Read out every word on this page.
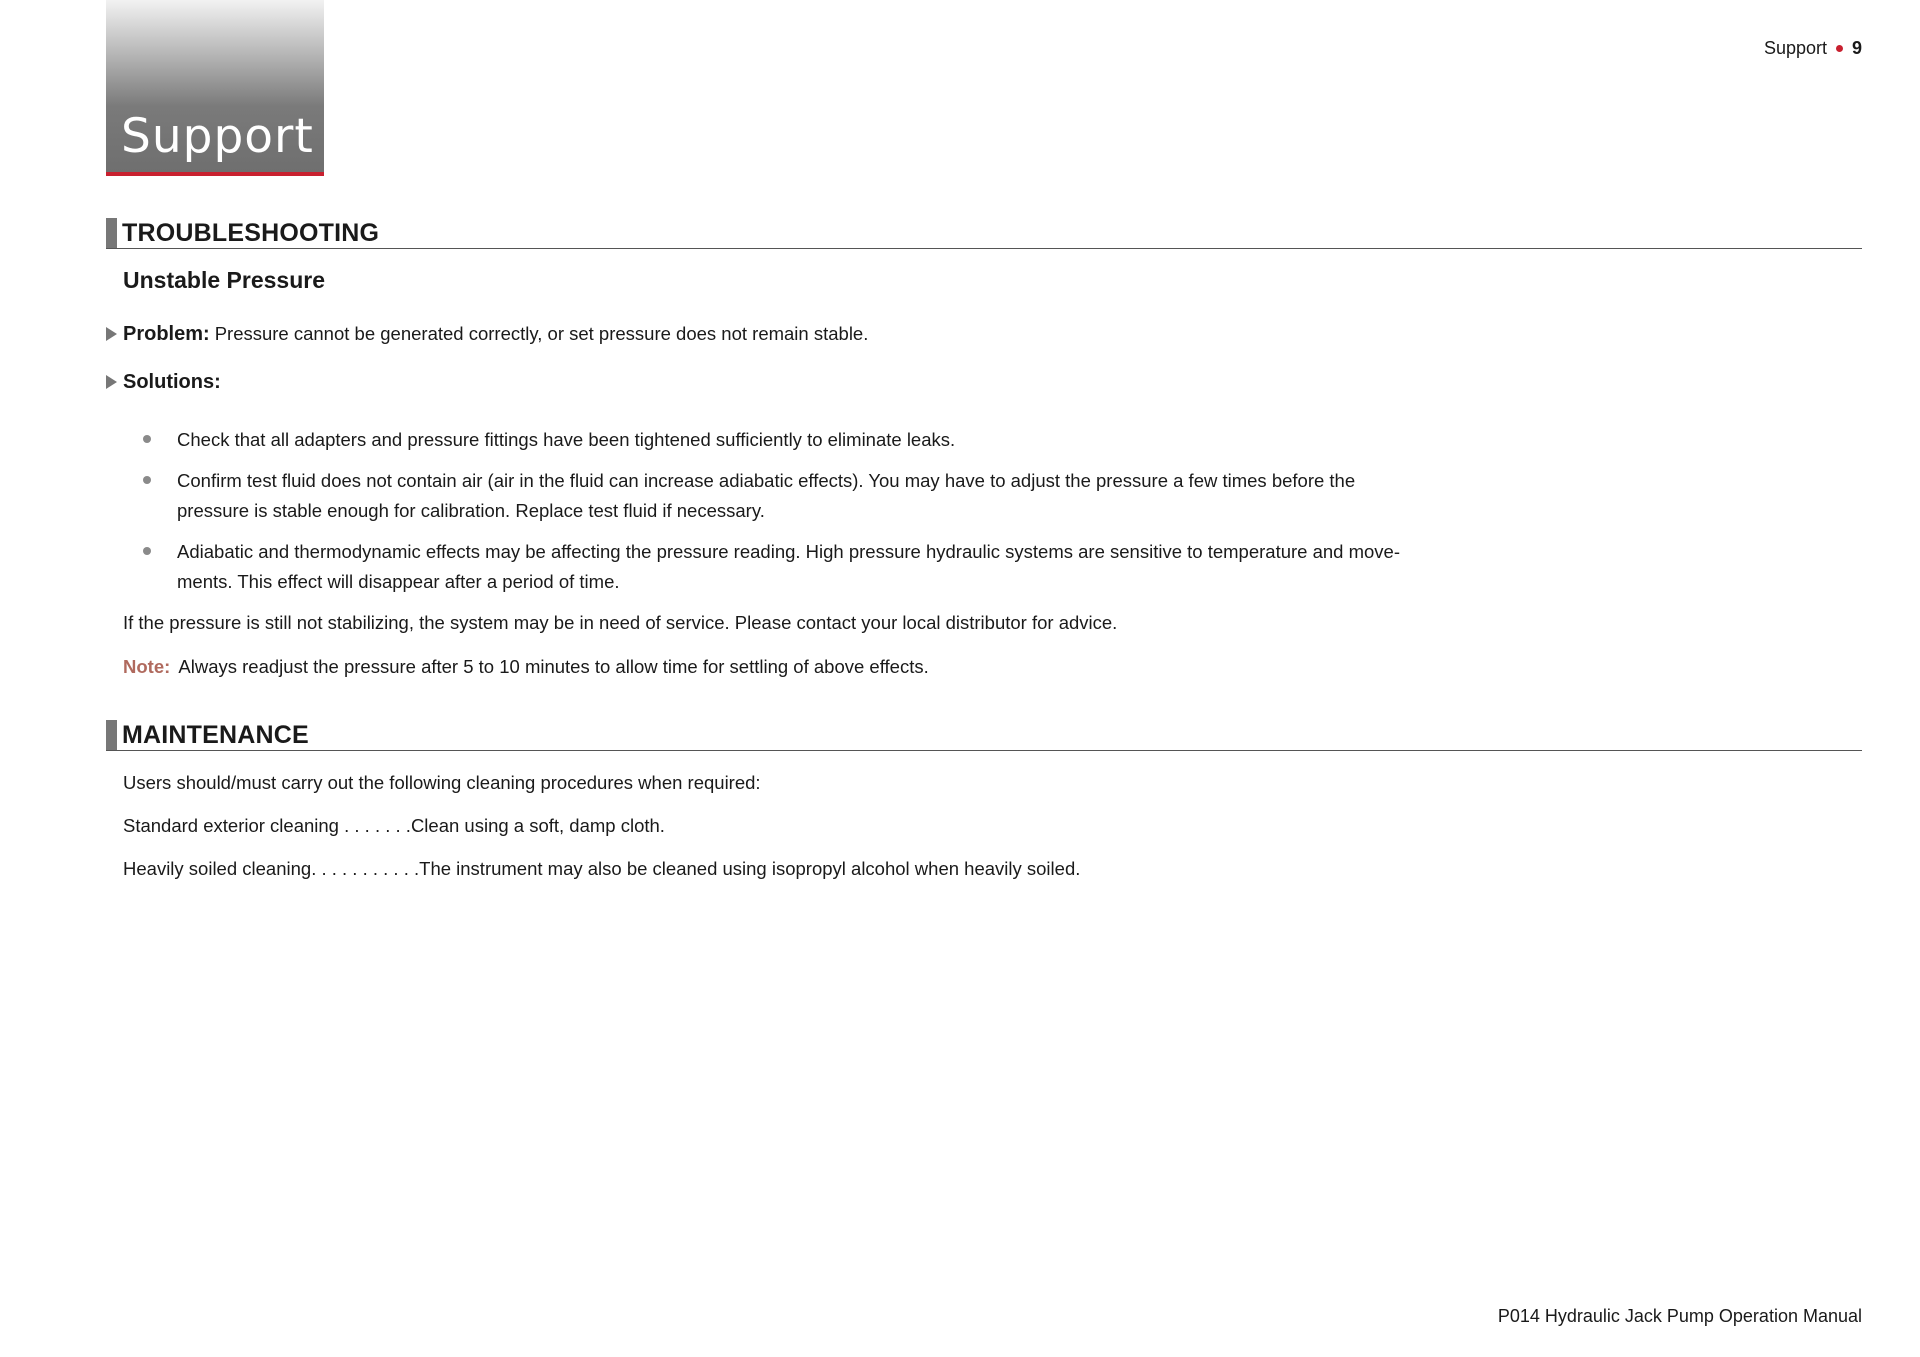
Support
Support 9
TROUBLESHOOTING
Unstable Pressure
Problem: Pressure cannot be generated correctly, or set pressure does not remain stable.
Solutions:
Check that all adapters and pressure fittings have been tightened sufficiently to eliminate leaks.
Confirm test fluid does not contain air (air in the fluid can increase adiabatic effects). You may have to adjust the pressure a few times before the pressure is stable enough for calibration. Replace test fluid if necessary.
Adiabatic and thermodynamic effects may be affecting the pressure reading. High pressure hydraulic systems are sensitive to temperature and move- ments. This effect will disappear after a period of time.
If the pressure is still not stabilizing, the system may be in need of service. Please contact your local distributor for advice.
Note: Always readjust the pressure after 5 to 10 minutes to allow time for settling of above effects.
MAINTENANCE
Users should/must carry out the following cleaning procedures when required:
Standard exterior cleaning . . . . . . .Clean using a soft, damp cloth.
Heavily soiled cleaning. . . . . . . . . . .The instrument may also be cleaned using isopropyl alcohol when heavily soiled.
P014 Hydraulic Jack Pump Operation Manual
